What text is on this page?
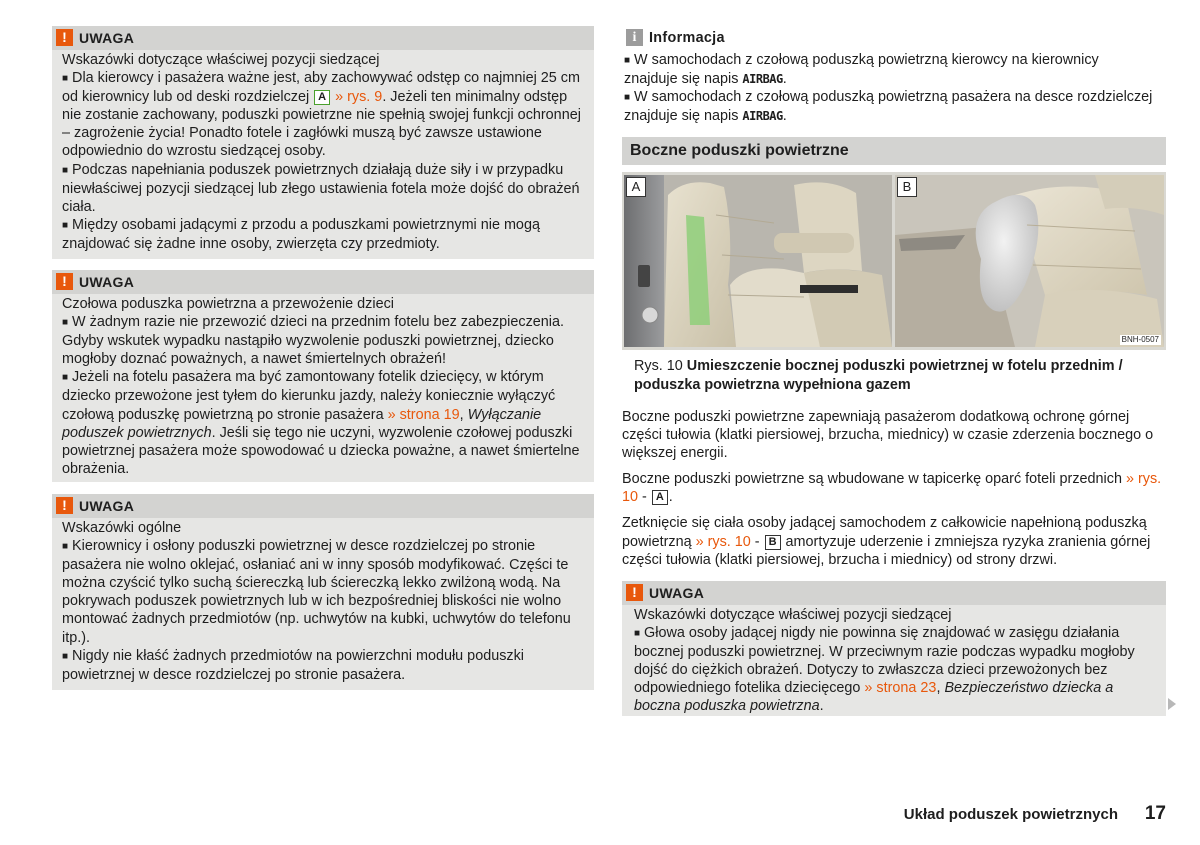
! UWAGA

Wskazówki dotyczące właściwej pozycji siedzącej

■ Dla kierowcy i pasażera ważne jest, aby zachowywać odstęp co najmniej 25 cm od kierownicy lub od deski rozdzielczej A » rys. 9. Jeżeli ten minimalny odstęp nie zostanie zachowany, poduszki powietrzne nie spełnią swojej funkcji ochronnej – zagrożenie życia! Ponadto fotele i zagłówki muszą być zawsze ustawione odpowiednio do wzrostu siedzącej osoby.

■ Podczas napełniania poduszek powietrznych działają duże siły i w przypadku niewłaściwej pozycji siedzącej lub złego ustawienia fotela może dojść do obrażeń ciała.

■ Między osobami jadącymi z przodu a poduszkami powietrznymi nie mogą znajdować się żadne inne osoby, zwierzęta czy przedmioty.

! UWAGA

Czołowa poduszka powietrzna a przewożenie dzieci

■ W żadnym razie nie przewozić dzieci na przednim fotelu bez zabezpieczenia. Gdyby wskutek wypadku nastąpiło wyzwolenie poduszki powietrznej, dziecko mogłoby doznać poważnych, a nawet śmiertelnych obrażeń!

■ Jeżeli na fotelu pasażera ma być zamontowany fotelik dziecięcy, w którym dziecko przewożone jest tyłem do kierunku jazdy, należy koniecznie wyłączyć czołową poduszkę powietrzną po stronie pasażera » strona 19, Wyłączanie poduszek powietrznych. Jeśli się tego nie uczyni, wyzwolenie czołowej poduszki powietrznej pasażera może spowodować u dziecka poważne, a nawet śmiertelne obrażenia.

! UWAGA

Wskazówki ogólne

■ Kierownicy i osłony poduszki powietrznej w desce rozdzielczej po stronie pasażera nie wolno oklejać, osłaniać ani w inny sposób modyfikować. Części te można czyścić tylko suchą ściereczką lub ściereczką lekko zwilżoną wodą. Na pokrywach poduszek powietrznych lub w ich bezpośredniej bliskości nie wolno montować żadnych przedmiotów (np. uchwytów na kubki, uchwytów do telefonu itp.).

■ Nigdy nie kłaść żadnych przedmiotów na powierzchni modułu poduszki powietrznej w desce rozdzielczej po stronie pasażera.

i Informacja

■ W samochodach z czołową poduszką powietrzną kierowcy na kierownicy znajduje się napis AIRBAG.

■ W samochodach z czołową poduszką powietrzną pasażera na desce rozdzielczej znajduje się napis AIRBAG.

Boczne poduszki powietrzne
A	B
BNH-0507
Rys. 10 Umieszczenie bocznej poduszki powietrznej w fotelu przednim / poduszka powietrzna wypełniona gazem

Boczne poduszki powietrzne zapewniają pasażerom dodatkową ochronę górnej części tułowia (klatki piersiowej, brzucha, miednicy) w czasie zderzenia bocznego o większej energii.

Boczne poduszki powietrzne są wbudowane w tapicerkę oparć foteli przednich » rys. 10 - A .

Zetknięcie się ciała osoby jadącej samochodem z całkowicie napełnioną poduszką powietrzną » rys. 10 - B amortyzuje uderzenie i zmniejsza ryzyka zranienia górnej części tułowia (klatki piersiowej, brzucha i miednicy) od strony drzwi.

! UWAGA

Wskazówki dotyczące właściwej pozycji siedzącej

■ Głowa osoby jadącej nigdy nie powinna się znajdować w zasięgu działania bocznej poduszki powietrznej. W przeciwnym razie podczas wypadku mogłoby dojść do ciężkich obrażeń. Dotyczy to zwłaszcza dzieci przewożonych bez odpowiedniego fotelika dziecięcego » strona 23, Bezpieczeństwo dziecka a boczna poduszka powietrzna.

Układ poduszek powietrznych 17
